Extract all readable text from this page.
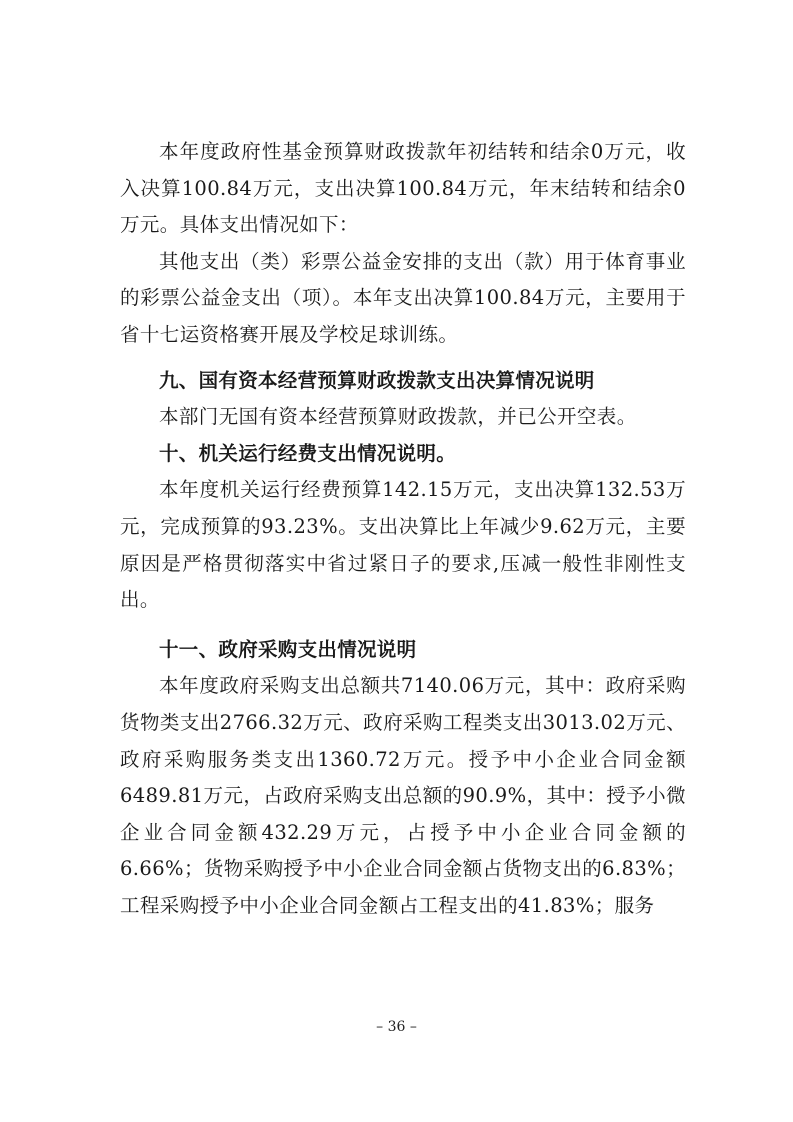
本年度政府性基金预算财政拨款年初结转和结余0万元，收入决算100.84万元，支出决算100.84万元，年末结转和结余0万元。具体支出情况如下：

其他支出（类）彩票公益金安排的支出（款）用于体育事业的彩票公益金支出（项）。本年支出决算100.84万元，主要用于省十七运资格赛开展及学校足球训练。

九、国有资本经营预算财政拨款支出决算情况说明

本部门无国有资本经营预算财政拨款，并已公开空表。

十、机关运行经费支出情况说明。

本年度机关运行经费预算142.15万元，支出决算132.53万元，完成预算的93.23%。支出决算比上年减少9.62万元，主要原因是严格贯彻落实中省过紧日子的要求,压减一般性非刚性支出。

十一、政府采购支出情况说明

本年度政府采购支出总额共7140.06万元，其中：政府采购货物类支出2766.32万元、政府采购工程类支出3013.02万元、政府采购服务类支出1360.72万元。授予中小企业合同金额6489.81万元，占政府采购支出总额的90.9%，其中：授予小微企业合同金额432.29万元，占授予中小企业合同金额的6.66%；货物采购授予中小企业合同金额占货物支出的6.83%；工程采购授予中小企业合同金额占工程支出的41.83%；服务

– 36 –
